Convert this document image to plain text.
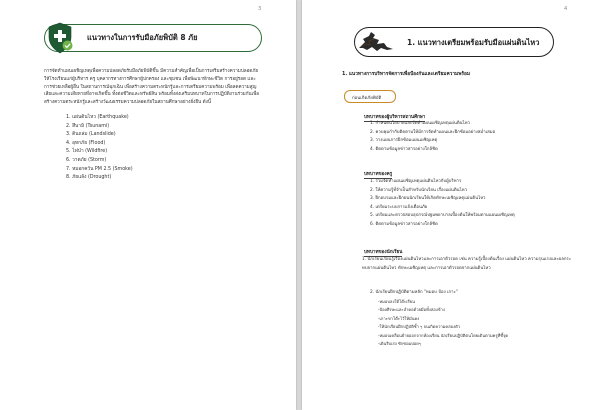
3
แนวทางในการรับมือภัยพิบัติ 8 ภัย
การจัดทำแผนเผชิญเหตุเพื่อความปลอดภัยรับมือภัยพิบัติขึ้น มีความสำคัญเพื่อเป็นการเสริมสร้างความปลอดภัยให้โรงเรียนแก่ผู้บริหาร ครู บุคลากรทางการศึกษาผู้ปกครอง และชุมชน เพื่อพัฒนาทักษะชีวิต การอยู่รอด และการช่วยเหลือผู้อื่น ในสถานการณ์ฉุกเฉิน เพื่อสร้างความตระหนักรู้และการเตรียมความพร้อม เพื่อลดความสูญเสียและความเสียหายที่อาจเกิดขึ้น ทั้งต่อชีวิตและทรัพย์สิน พร้อมทั้งส่งเสริมบทบาทในการปฏิบัติงานร่วมกันเพื่อสร้างความตระหนักรู้และสร้างวัฒนธรรมความปลอดภัยในสถานศึกษาอย่างยั่งยืน ดังนี้
1. แผ่นดินไหว (Earthquake)
2. สึนามิ (Tsunami)
3. ดินถล่ม (Landslide)
4. อุทกภัย (Flood)
5. ไฟป่า (Wildfire)
6. วาตภัย (Storm)
7. หมอกควัน PM 2.5 (Smoke)
8. ภัยแล้ง (Drought)
4
1. แนวทางเตรียมพร้อมรับมือแผ่นดินไหว
1. แนวทางการบริหารจัดการเพื่อป้องกันและเตรียมความพร้อม
ก่อนเกิดภัยพิบัติ
บทบาทของผู้บริหารสถานศึกษา
1. กำหนดนโยบายและจัดทำแผนเผชิญเหตุแผ่นดินไหว
2. ควบคุมกำกับติดตามให้มีการจัดทำแผนและฝึกซ้อมอย่างสม่ำเสมอ
3. วางแผนการฝึกซ้อมแผนเผชิญเหตุ
4. ติดตามข้อมูลข่าวสารอย่างใกล้ชิด
บทบาทของครู
1. ร่วมจัดทำแผนเผชิญเหตุแผ่นดินไหวกับผู้บริหาร
2. ให้ความรู้ที่จำเป็นสำหรับนักเรียน เรื่องแผ่นดินไหว
3. ฝึกอบรมและฝึกฝนนักเรียนให้เกิดทักษะเผชิญเหตุแผ่นดินไหว
4. เตรียมระบบการแจ้งเตือนภัย
5. เตรียมและตรวจสอบอุปกรณ์ปฐมพยาบาลเบื้องต้นให้พร้อมตามแผนเผชิญเหตุ
6. ติดตามข้อมูลข่าวสารอย่างใกล้ชิด
บทบาทของนักเรียน
1. นักเรียนเรียนรู้เรื่องแผ่นดินไหวและการเอาตัวรอด เช่น ความรู้เบื้องต้นเรื่อง แผ่นดินไหว ความรุนแรงและผลกระทบจากแผ่นดินไหว ทักษะเผชิญเหตุ และการเอาตัวรอดจากแผ่นดินไหว
2. นักเรียนฝึกปฏิบัติตามหลัก "หมอบ ป้อง เกาะ"
-หมอบลงใต้โต๊ะเรียน
-ป้องศีรษะและลำคอด้วยมือทั้งสองข้าง
-เกาะขาโต๊ะไว้ให้มั่นคง
-ให้นักเรียนฝึกปฏิบัติซ้ำ ๆ จนเกิดความคล่องตัว
-หมอบเคลื่อนย้ายออกจากห้องเรียน นักเรียนปฏิบัติตนโดยเดินตามครูที่ชี้จุด
-เดินรีบเร่ง ซักซอมบ่อยๆ
